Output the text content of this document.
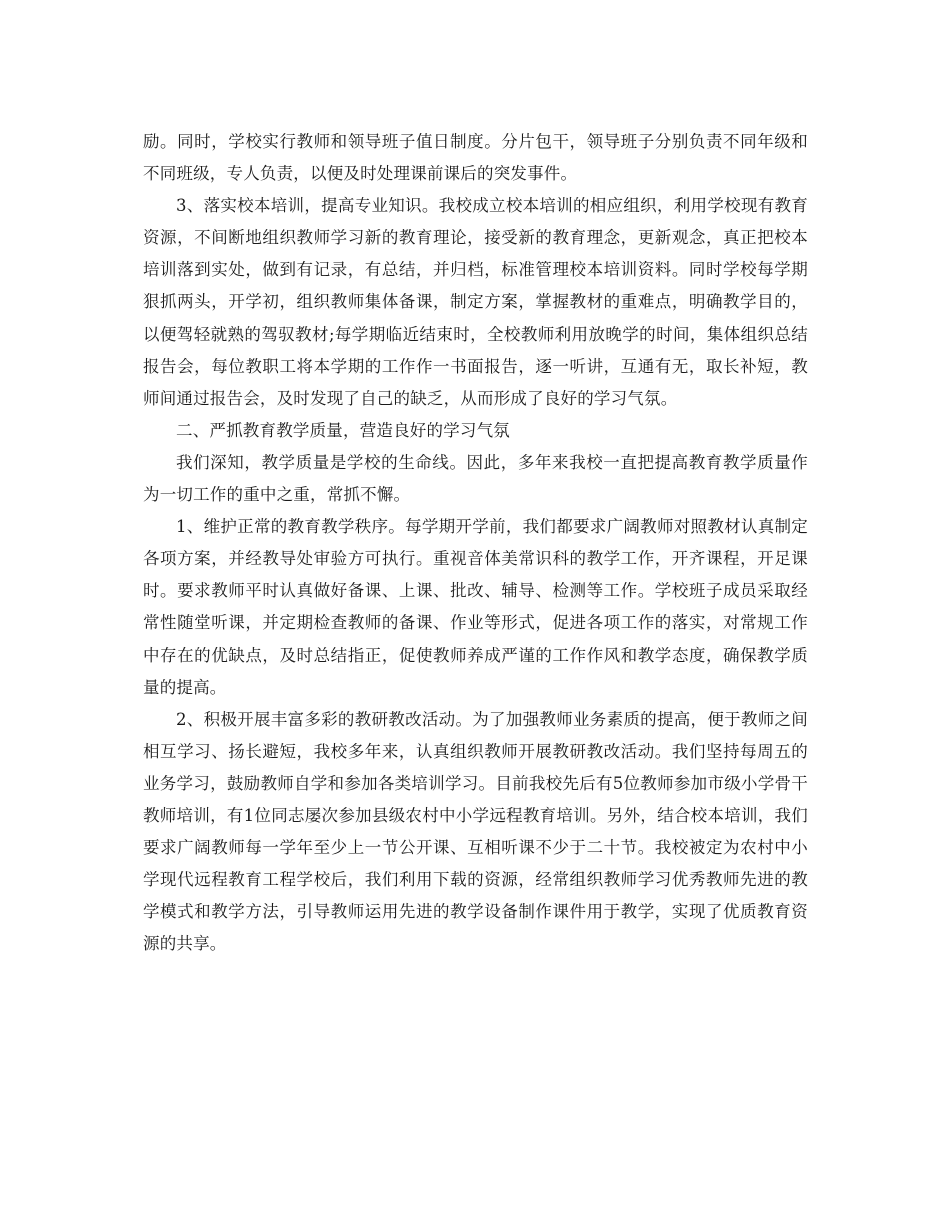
励。同时，学校实行教师和领导班子值日制度。分片包干，领导班子分别负责不同年级和不同班级，专人负责，以便及时处理课前课后的突发事件。

3、落实校本培训，提高专业知识。我校成立校本培训的相应组织，利用学校现有教育资源，不间断地组织教师学习新的教育理论，接受新的教育理念，更新观念，真正把校本培训落到实处，做到有记录，有总结，并归档，标准管理校本培训资料。同时学校每学期狠抓两头，开学初，组织教师集体备课，制定方案，掌握教材的重难点，明确教学目的，以便驾轻就熟的驾驭教材;每学期临近结束时，全校教师利用放晚学的时间，集体组织总结报告会，每位教职工将本学期的工作作一书面报告，逐一听讲，互通有无，取长补短，教师间通过报告会，及时发现了自己的缺乏，从而形成了良好的学习气氛。

二、严抓教育教学质量，营造良好的学习气氛

我们深知，教学质量是学校的生命线。因此，多年来我校一直把提高教育教学质量作为一切工作的重中之重，常抓不懈。

1、维护正常的教育教学秩序。每学期开学前，我们都要求广阔教师对照教材认真制定各项方案，并经教导处审验方可执行。重视音体美常识科的教学工作，开齐课程，开足课时。要求教师平时认真做好备课、上课、批改、辅导、检测等工作。学校班子成员采取经常性随堂听课，并定期检查教师的备课、作业等形式，促进各项工作的落实，对常规工作中存在的优缺点，及时总结指正，促使教师养成严谨的工作作风和教学态度，确保教学质量的提高。

2、积极开展丰富多彩的教研教改活动。为了加强教师业务素质的提高，便于教师之间相互学习、扬长避短，我校多年来，认真组织教师开展教研教改活动。我们坚持每周五的业务学习，鼓励教师自学和参加各类培训学习。目前我校先后有5位教师参加市级小学骨干教师培训，有1位同志屡次参加县级农村中小学远程教育培训。另外，结合校本培训，我们要求广阔教师每一学年至少上一节公开课、互相听课不少于二十节。我校被定为农村中小学现代远程教育工程学校后，我们利用下载的资源，经常组织教师学习优秀教师先进的教学模式和教学方法，引导教师运用先进的教学设备制作课件用于教学，实现了优质教育资源的共享。
